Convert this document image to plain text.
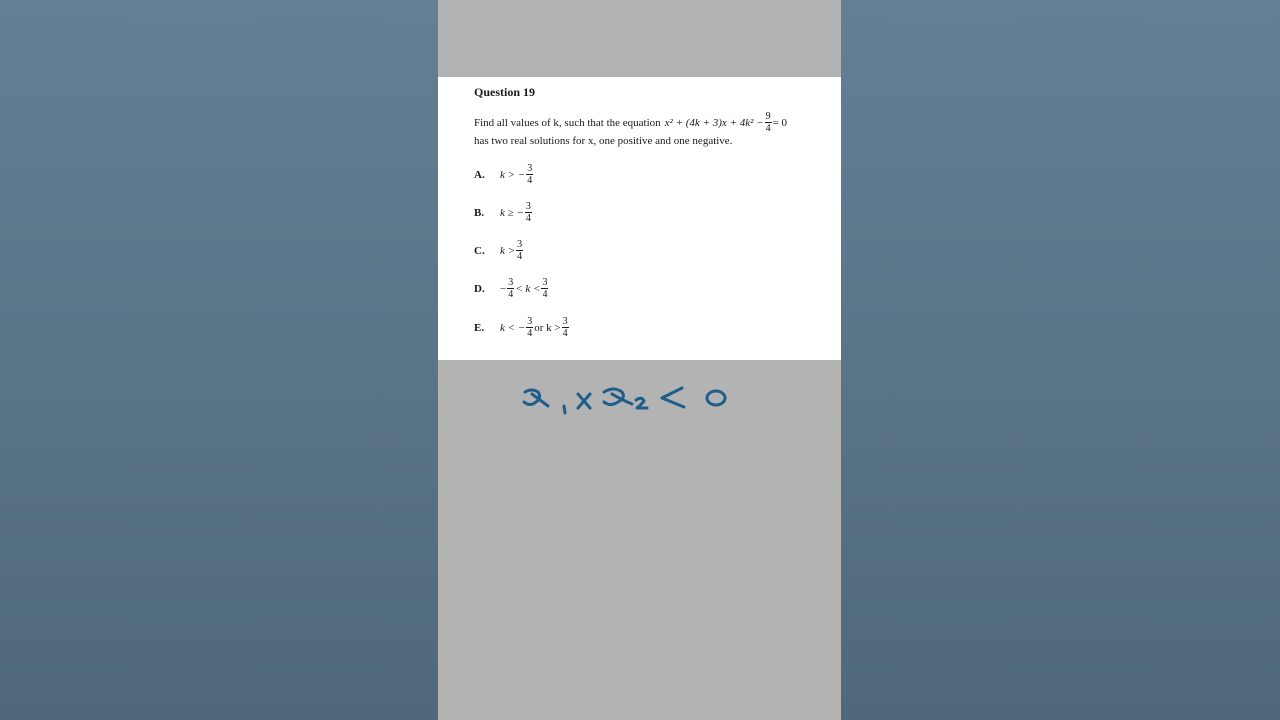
Question 19
Find all values of k, such that the equation $x^2 + (4k + 3)x + 4k^2 - \frac{9}{4} = 0$
has two real solutions for x, one positive and one negative.
A.	k > − $\frac{3}{4}$
B.	k ≥ − $\frac{3}{4}$
C.	$k > \frac{3}{4}$
D.	− $\frac{3}{4} < k < \frac{3}{4}$
E.	k < − $\frac{3}{4}$ or $k > \frac{3}{4}$
